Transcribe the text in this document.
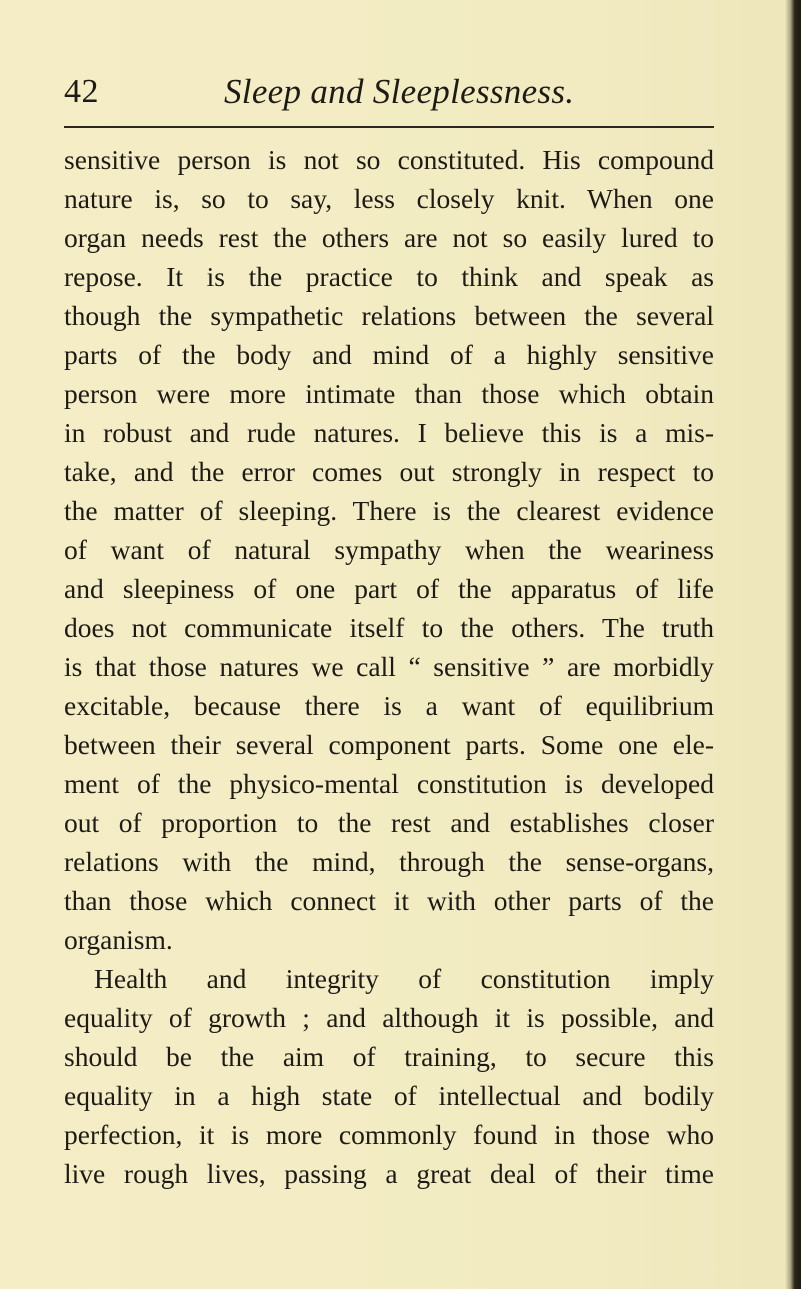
42	Sleep and Sleeplessness.
sensitive person is not so constituted. His compound
nature is, so to say, less closely knit. When one
organ needs rest the others are not so easily lured to
repose. It is the practice to think and speak as
though the sympathetic relations between the several
parts of the body and mind of a highly sensitive
person were more intimate than those which obtain
in robust and rude natures. I believe this is a mis-
take, and the error comes out strongly in respect to
the matter of sleeping. There is the clearest evidence
of want of natural sympathy when the weariness
and sleepiness of one part of the apparatus of life
does not communicate itself to the others. The truth
is that those natures we call “ sensitive ” are morbidly
excitable, because there is a want of equilibrium
between their several component parts. Some one ele-
ment of the physico-mental constitution is developed
out of proportion to the rest and establishes closer
relations with the mind, through the sense-organs,
than those which connect it with other parts of the
organism.
Health and integrity of constitution imply
equality of growth ; and although it is possible, and
should be the aim of training, to secure this
equality in a high state of intellectual and bodily
perfection, it is more commonly found in those who
live rough lives, passing a great deal of their time
